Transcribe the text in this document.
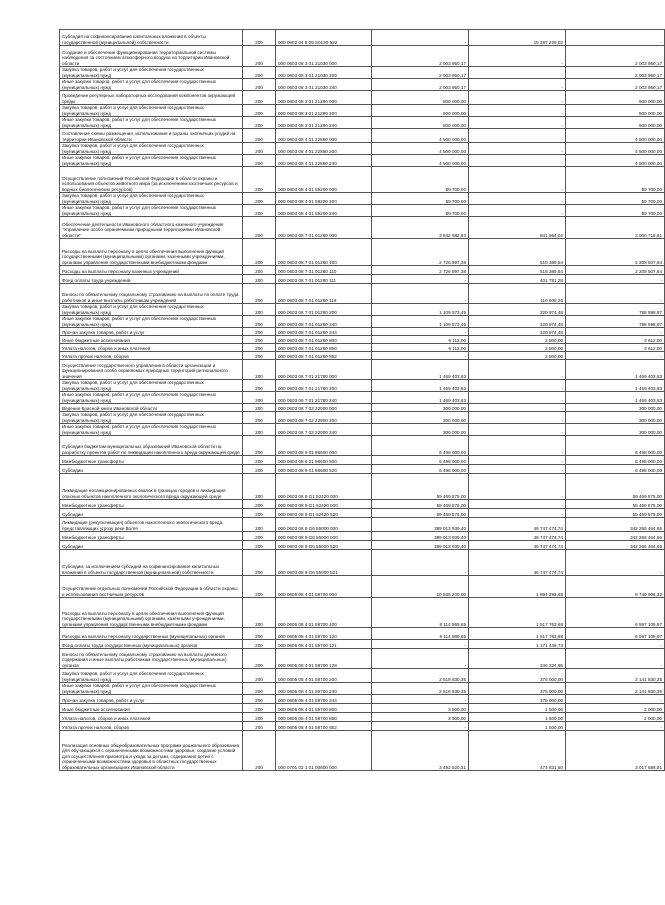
Субсидия на софинансирование капитальных вложений в объекты государственной (муниципальной) собственности	200	000 0602 04 8 05 S0130 522	-	15 287 225,02	-
Создание и обеспечение функционирования территориальной системы наблюдения за состоянием атмосферного воздуха на территории Ивановской области	200	000 0603 08 3 01 21030 000	2 003 950,17	-	2 003 950,17
Закупка товаров, работ и услуг для обеспечения государственных (муниципальных) нужд	200	000 0603 08 3 01 21030 200	2 003 950,17	-	2 003 950,17
Иные закупки товаров, работ и услуг для обеспечения государственных (муниципальных) нужд	200	000 0603 08 3 01 21030 240	2 003 950,17	-	2 003 950,17
Проведение регулярных лабораторных исследований компонентов окружающей среды	200	000 0603 08 3 01 21290 000	500 000,00	-	500 000,00
Закупка товаров, работ и услуг для обеспечения государственных (муниципальных) нужд	200	000 0603 08 3 01 21290 200	500 000,00	-	500 000,00
Иные закупки товаров, работ и услуг для обеспечения государственных (муниципальных) нужд	200	000 0603 08 3 01 21290 240	500 000,00	-	500 000,00
Составление схемы размещения, использования и охраны охотничьих угодий на территории Ивановской области	200	000 0603 08 4 01 22860 000	4 500 000,00	-	4 500 000,00
Закупка товаров, работ и услуг для обеспечения государственных (муниципальных) нужд	200	000 0603 08 4 01 22860 200	4 500 000,00	-	4 500 000,00
Иные закупки товаров, работ и услуг для обеспечения государственных (муниципальных) нужд	200	000 0603 08 4 01 22860 240	4 500 000,00	-	4 500 000,00
Осуществление полномочий Российской Федерации в области охраны и использования объектов животного мира (за исключением охотничьих ресурсов и водных биологических ресурсов)	200	000 0603 08 4 01 59200 000	59 700,00	-	59 700,00
Закупка товаров, работ и услуг для обеспечения государственных (муниципальных) нужд	200	000 0603 08 4 01 59200 200	59 700,00	-	59 700,00
Иные закупки товаров, работ и услуг для обеспечения государственных (муниципальных) нужд	200	000 0603 08 4 01 59200 240	59 700,00	-	59 700,00
Обеспечение деятельности Ивановского областного казенного учреждения "Управление особо охраняемыми природными территориями Ивановской области"	200	000 0603 08 7 01 01280 000	3 842 582,83	841 864,02	3 000 718,81
Расходы на выплаты персоналу в целях обеспечения выполнения функций государственными (муниципальными) органами, казенными учреждениями, органами управления государственными внебюджетными фондами	200	000 0603 08 7 01 01280 100	2 726 897,38	518 389,54	2 208 507,84
Расходы на выплаты персоналу казенных учреждений	200	000 0603 08 7 01 01280 110	2 726 897,38	518 389,54	2 208 507,84
Фонд оплаты труда учреждений	200	000 0603 08 7 01 01280 111	-	401 781,28	-
Взносы по обязательному социальному страхованию на выплаты по оплате труда работников и иные выплаты работникам учреждений	200	000 0603 08 7 01 01280 119	-	116 608,26	-
Закупка товаров, работ и услуг для обеспечения государственных (муниципальных) нужд	200	000 0603 08 7 01 01280 200	1 109 573,45	320 974,48	788 598,97
Иные закупки товаров, работ и услуг для обеспечения государственных (муниципальных) нужд	200	000 0603 08 7 01 01280 240	1 109 573,45	320 974,48	788 598,97
Прочая закупка товаров, работ и услуг	200	000 0603 08 7 01 01280 244	-	320 974,48	-
Иные бюджетные ассигнования	200	000 0603 08 7 01 01280 800	6 112,00	2 500,00	3 612,00
Уплата налогов, сборов и иных платежей	200	000 0603 08 7 01 01280 850	6 112,00	2 500,00	3 612,00
Уплата прочих налогов, сборов	200	000 0603 08 7 01 01280 852	-	2 500,00	-
Осуществление государственного управления в области организации и функционирования особо охраняемых природных территорий регионального значения	200	000 0603 08 7 01 21780 000	1 469 403,63	-	1 469 403,63
Закупка товаров, работ и услуг для обеспечения государственных (муниципальных) нужд	200	000 0603 08 7 01 21780 200	1 469 403,63	-	1 469 403,63
Иные закупки товаров, работ и услуг для обеспечения государственных (муниципальных) нужд	200	000 0603 08 7 01 21780 240	1 469 403,63	-	1 469 403,63
Ведение Красной книги Ивановской области	200	000 0603 08 7 02 22900 000	300 000,00	-	300 000,00
Закупка товаров, работ и услуг для обеспечения государственных (муниципальных) нужд	200	000 0603 08 7 02 22900 200	300 000,00	-	300 000,00
Иные закупки товаров, работ и услуг для обеспечения государственных (муниципальных) нужд	200	000 0603 08 7 02 22900 240	300 000,00	-	300 000,00
Субсидия бюджетам муниципальных образований Ивановской области на разработку проектов работ по ликвидации накопленного вреда окружающей среде	200	000 0603 08 9 01 86600 000	6 498 000,00	-	6 498 000,00
Межбюджетные трансферты	200	000 0603 08 9 01 86600 500	6 498 000,00	-	6 498 000,00
Субсидии	200	000 0603 08 9 01 86600 520	6 498 000,00	-	6 498 000,00
Ликвидация несанкционированных свалок в границах городов и ликвидация опасных объектов накопленного экологического вреда окружающей среде	200	000 0603 08 9 G1 52420 000	59 469 575,00	-	59 469 575,00
Межбюджетные трансферты	200	000 0603 08 9 G1 52420 500	59 469 575,00	-	59 469 575,00
Субсидии	200	000 0603 08 9 G1 52420 520	59 469 575,00	-	59 469 575,00
Ликвидация (рекультивация) объектов накопленного экологического вреда, представляющих угрозу реке Волге	200	000 0603 08 9 G6 55000 000	389 013 939,40	46 747 474,74	342 266 464,66
Межбюджетные трансферты	200	000 0603 08 9 G6 55000 500	389 013 939,40	46 747 474,74	342 266 464,66
Субсидии	200	000 0603 08 9 G6 55000 520	389 013 939,40	46 747 474,74	342 266 464,66
Субсидии, за исключением субсидий на софинансирование капитальных вложений в объекты государственной (муниципальной) собственности	200	000 0603 08 9 G6 55000 521	-	46 747 474,74	-
Осуществление отдельных полномочий Российской Федерации в области охраны и использования охотничьих ресурсов	200	000 0605 08 4 01 59700 000	10 835 200,00	1 894 293,68	8 740 906,32
Расходы на выплаты персоналу в целях обеспечения выполнения функций государственными (муниципальными) органами, казенными учреждениями, органами управления государственными внебюджетными фондами	200	000 0605 08 4 01 59700 100	8 114 869,65	1 517 763,68	6 597 105,97
Расходы на выплаты персоналу государственных (муниципальных) органов	200	000 0605 08 4 01 59700 120	8 114 869,65	1 517 763,68	6 597 105,97
Фонд оплаты труда государственных (муниципальных) органов	200	000 0605 08 4 01 59700 121	-	1 171 438,73	-
Взносы по обязательному социальному страхованию на выплаты денежного содержания и иные выплаты работникам государственных (муниципальных) органов	200	000 0605 08 4 01 59700 129	-	346 324,95	-
Закупка товаров, работ и услуг для обеспечения государственных (муниципальных) нужд	200	000 0605 08 4 01 59700 200	2 518 830,35	375 000,00	2 141 830,35
Иные закупки товаров, работ и услуг для обеспечения государственных (муниципальных) нужд	200	000 0605 08 4 01 59700 240	2 516 830,35	375 000,00	2 141 830,35
Прочая закупка товаров, работ и услуг	200	000 0605 08 4 01 59700 244	-	375 000,00	-
Иные бюджетные ассигнования	200	000 0605 08 4 01 59700 800	3 500,00	1 500,00	2 000,00
Уплата налогов, сборов и иных платежей	200	000 0605 08 4 01 59700 850	3 500,00	1 500,00	2 000,00
Уплата прочих налогов, сборов	200	000 0605 08 4 01 59700 852	-	1 500,00	-
Реализация основных общеобразовательных программ дошкольного образования для обучающихся с ограниченными возможностями здоровья, создание условий для осуществления присмотра и ухода за детьми, содержания детей с ограниченными возможностями здоровья в областных государственных образовательных организациях Ивановской области	200	000 0701 02 1 01 00800 000	3 492 520,31	474 831,50	3 017 688,81
